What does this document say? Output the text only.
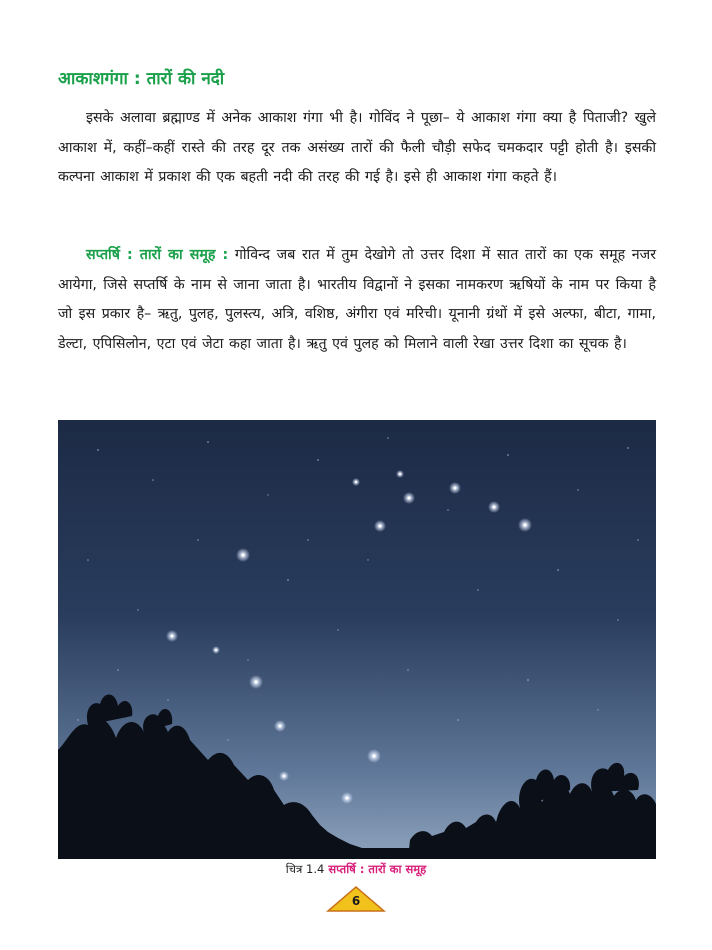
आकाशगंगा : तारों की नदी

इसके अलावा ब्रह्माण्ड में अनेक आकाश गंगा भी है। गोविंद ने पूछा– ये आकाश गंगा क्या है पिताजी? खुले आकाश में, कहीं–कहीं रास्ते की तरह दूर तक असंख्य तारों की फैली चौड़ी सफेद चमकदार पट्टी होती है। इसकी कल्पना आकाश में प्रकाश की एक बहती नदी की तरह की गई है। इसे ही आकाश गंगा कहते हैं।

सप्तर्षि : तारों का समूह : गोविन्द जब रात में तुम देखोगे तो उत्तर दिशा में सात तारों का एक समूह नजर आयेगा, जिसे सप्तर्षि के नाम से जाना जाता है। भारतीय विद्वानों ने इसका नामकरण ऋषियों के नाम पर किया है जो इस प्रकार है– ऋतु, पुलह, पुलस्त्य, अत्रि, वशिष्ठ, अंगीरा एवं मरिची। यूनानी ग्रंथों में इसे अल्फा, बीटा, गामा, डेल्टा, एपिसिलोन, एटा एवं जेटा कहा जाता है। ऋतु एवं पुलह को मिलाने वाली रेखा उत्तर दिशा का सूचक है।

चित्र 1.4 सप्तर्षि : तारों का समूह

6
